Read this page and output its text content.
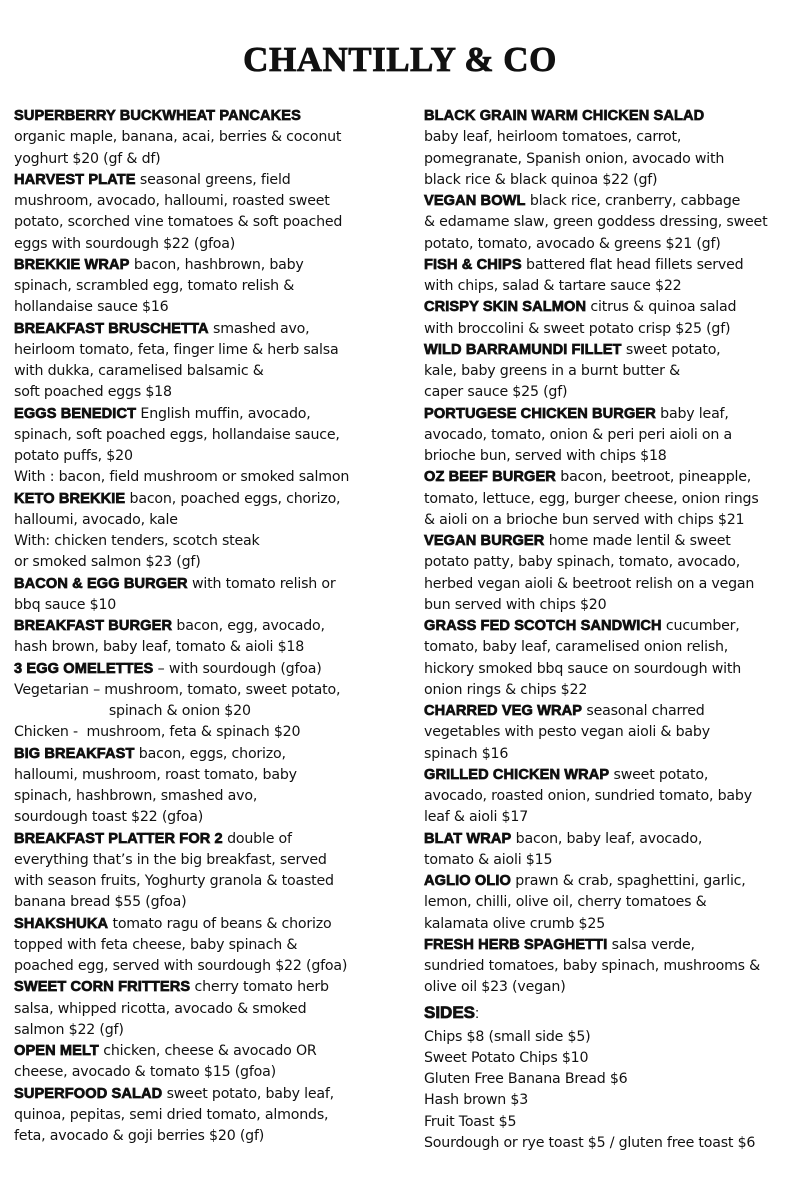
CHANTILLY & CO
SUPERBERRY BUCKWHEAT PANCAKES
organic maple, banana, acai, berries & coconut
yoghurt $20 (gf & df)
HARVEST PLATE seasonal greens, field
mushroom, avocado, halloumi, roasted sweet
potato, scorched vine tomatoes & soft poached
eggs with sourdough $22 (gfoa)
BREKKIE WRAP bacon, hashbrown, baby
spinach, scrambled egg, tomato relish &
hollandaise sauce $16
BREAKFAST BRUSCHETTA smashed avo,
heirloom tomato, feta, finger lime & herb salsa
with dukka, caramelised balsamic &
soft poached eggs $18
EGGS BENEDICT English muffin, avocado,
spinach, soft poached eggs, hollandaise sauce,
potato puffs, $20
With : bacon, field mushroom or smoked salmon
KETO BREKKIE bacon, poached eggs, chorizo,
halloumi, avocado, kale
With: chicken tenders, scotch steak
or smoked salmon $23 (gf)
BACON & EGG BURGER with tomato relish or
bbq sauce $10
BREAKFAST BURGER bacon, egg, avocado,
hash brown, baby leaf, tomato & aioli $18
3 EGG OMELETTES – with sourdough (gfoa)
Vegetarian – mushroom, tomato, sweet potato,
spinach & onion $20
Chicken -  mushroom, feta & spinach $20
BIG BREAKFAST bacon, eggs, chorizo,
halloumi, mushroom, roast tomato, baby
spinach, hashbrown, smashed avo,
sourdough toast $22 (gfoa)
BREAKFAST PLATTER FOR 2 double of
everything that’s in the big breakfast, served
with season fruits, Yoghurty granola & toasted
banana bread $55 (gfoa)
SHAKSHUKA tomato ragu of beans & chorizo
topped with feta cheese, baby spinach &
poached egg, served with sourdough $22 (gfoa)
SWEET CORN FRITTERS cherry tomato herb
salsa, whipped ricotta, avocado & smoked
salmon $22 (gf)
OPEN MELT chicken, cheese & avocado OR
cheese, avocado & tomato $15 (gfoa)
SUPERFOOD SALAD sweet potato, baby leaf,
quinoa, pepitas, semi dried tomato, almonds,
feta, avocado & goji berries $20 (gf)
BLACK GRAIN WARM CHICKEN SALAD
baby leaf, heirloom tomatoes, carrot,
pomegranate, Spanish onion, avocado with
black rice & black quinoa $22 (gf)
VEGAN BOWL black rice, cranberry, cabbage
& edamame slaw, green goddess dressing, sweet
potato, tomato, avocado & greens $21 (gf)
FISH & CHIPS battered flat head fillets served
with chips, salad & tartare sauce $22
CRISPY SKIN SALMON citrus & quinoa salad
with broccolini & sweet potato crisp $25 (gf)
WILD BARRAMUNDI FILLET sweet potato,
kale, baby greens in a burnt butter &
caper sauce $25 (gf)
PORTUGESE CHICKEN BURGER baby leaf,
avocado, tomato, onion & peri peri aioli on a
brioche bun, served with chips $18
OZ BEEF BURGER bacon, beetroot, pineapple,
tomato, lettuce, egg, burger cheese, onion rings
& aioli on a brioche bun served with chips $21
VEGAN BURGER home made lentil & sweet
potato patty, baby spinach, tomato, avocado,
herbed vegan aioli & beetroot relish on a vegan
bun served with chips $20
GRASS FED SCOTCH SANDWICH cucumber,
tomato, baby leaf, caramelised onion relish,
hickory smoked bbq sauce on sourdough with
onion rings & chips $22
CHARRED VEG WRAP seasonal charred
vegetables with pesto vegan aioli & baby
spinach $16
GRILLED CHICKEN WRAP sweet potato,
avocado, roasted onion, sundried tomato, baby
leaf & aioli $17
BLAT WRAP bacon, baby leaf, avocado,
tomato & aioli $15
AGLIO OLIO prawn & crab, spaghettini, garlic,
lemon, chilli, olive oil, cherry tomatoes &
kalamata olive crumb $25
FRESH HERB SPAGHETTI salsa verde,
sundried tomatoes, baby spinach, mushrooms &
olive oil $23 (vegan)
SIDES:
Chips $8 (small side $5)
Sweet Potato Chips $10
Gluten Free Banana Bread $6
Hash brown $3
Fruit Toast $5
Sourdough or rye toast $5 / gluten free toast $6
